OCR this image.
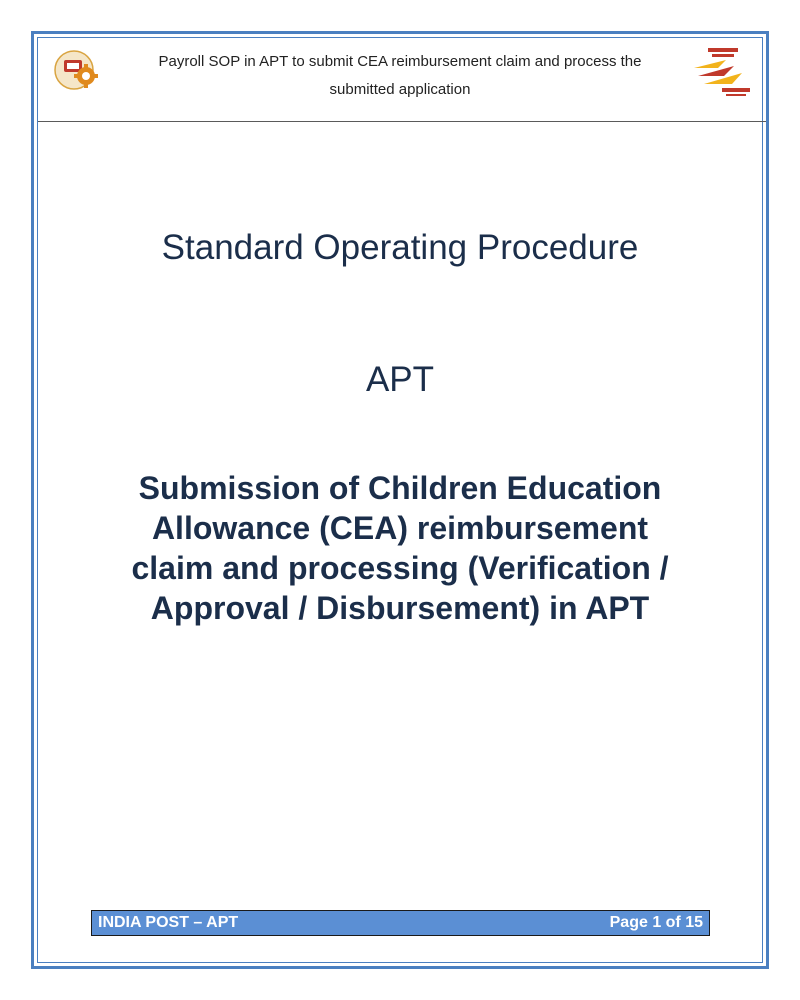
Payroll SOP in APT to submit CEA reimbursement claim and process the
submitted application
Standard Operating Procedure
APT
Submission of Children Education
Allowance (CEA) reimbursement
claim and processing (Verification /
Approval / Disbursement) in APT
INDIA POST – APT	Page 1 of 15
